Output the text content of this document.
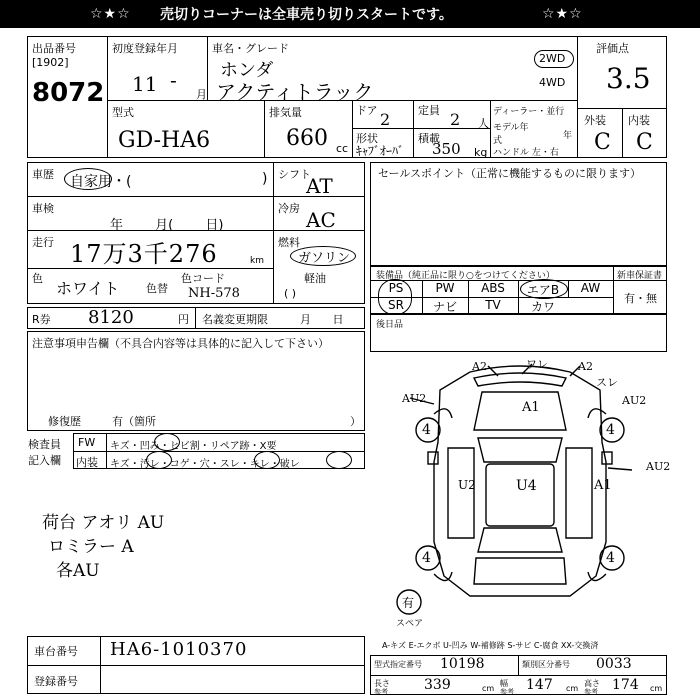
☆★☆ 売切りコーナーは全車売り切りスタートです。	☆★☆
出品番号
[1902]
8072
初度登録年月
11 -
月
車名・グレード
ホンダ
アクティトラック
2WD
4WD
評価点
3.5
型式
GD-HA6
排気量
660 cc
ドア 2	定員 2 人
形状
ｷｬﾌﾞｵｰﾊﾞ
積載
350 kg
ディーラー・並行
モデル年式	年
ハンドル 左・右
外装 内装
C C
車歴 自家用・(	)
車検
年 月( 日)
走行 17万3千276	km
色
ホワイト 色替
色コード
NH-578
シフト
AT
冷房 AC
燃料
ガソリン
軽油
( )
セールスポイント（正常に機能するものに限ります）
装備品（純正品に限り○をつけてください）	新車保証書
有・無
PS	PW	ABS	エアB	AW
SR	ナビ	TV	カワ
後日品
R券 8120	円 名義変更期限	月 日
注意事項申告欄（不具合内容等は具体的に記入して下さい）
修復歴	有（箇所	）
検査員
記入欄
FW キズ・凹み・ヒビ割・リペア跡・X要
内装 キズ・汚レ・コゲ・穴・スレ・キレ・破レ
荷台 アオリ AU
ロミラー A
各AU
A2	ワレ	A2
スレ
AU2
A1	AU2
U2	U4	A1
AU2
4	4
4	4
有
スペア
A-キズ E-エクボ U-凹み W-補修跡 S-サビ C-腐食 XX-交換済
車台番号 HA6-1010370
登録番号
型式指定番号 10198	類別区分番号 0033
長さ
参考	339	cm
幅
参考 147 cm
高さ
参考 174 cm
